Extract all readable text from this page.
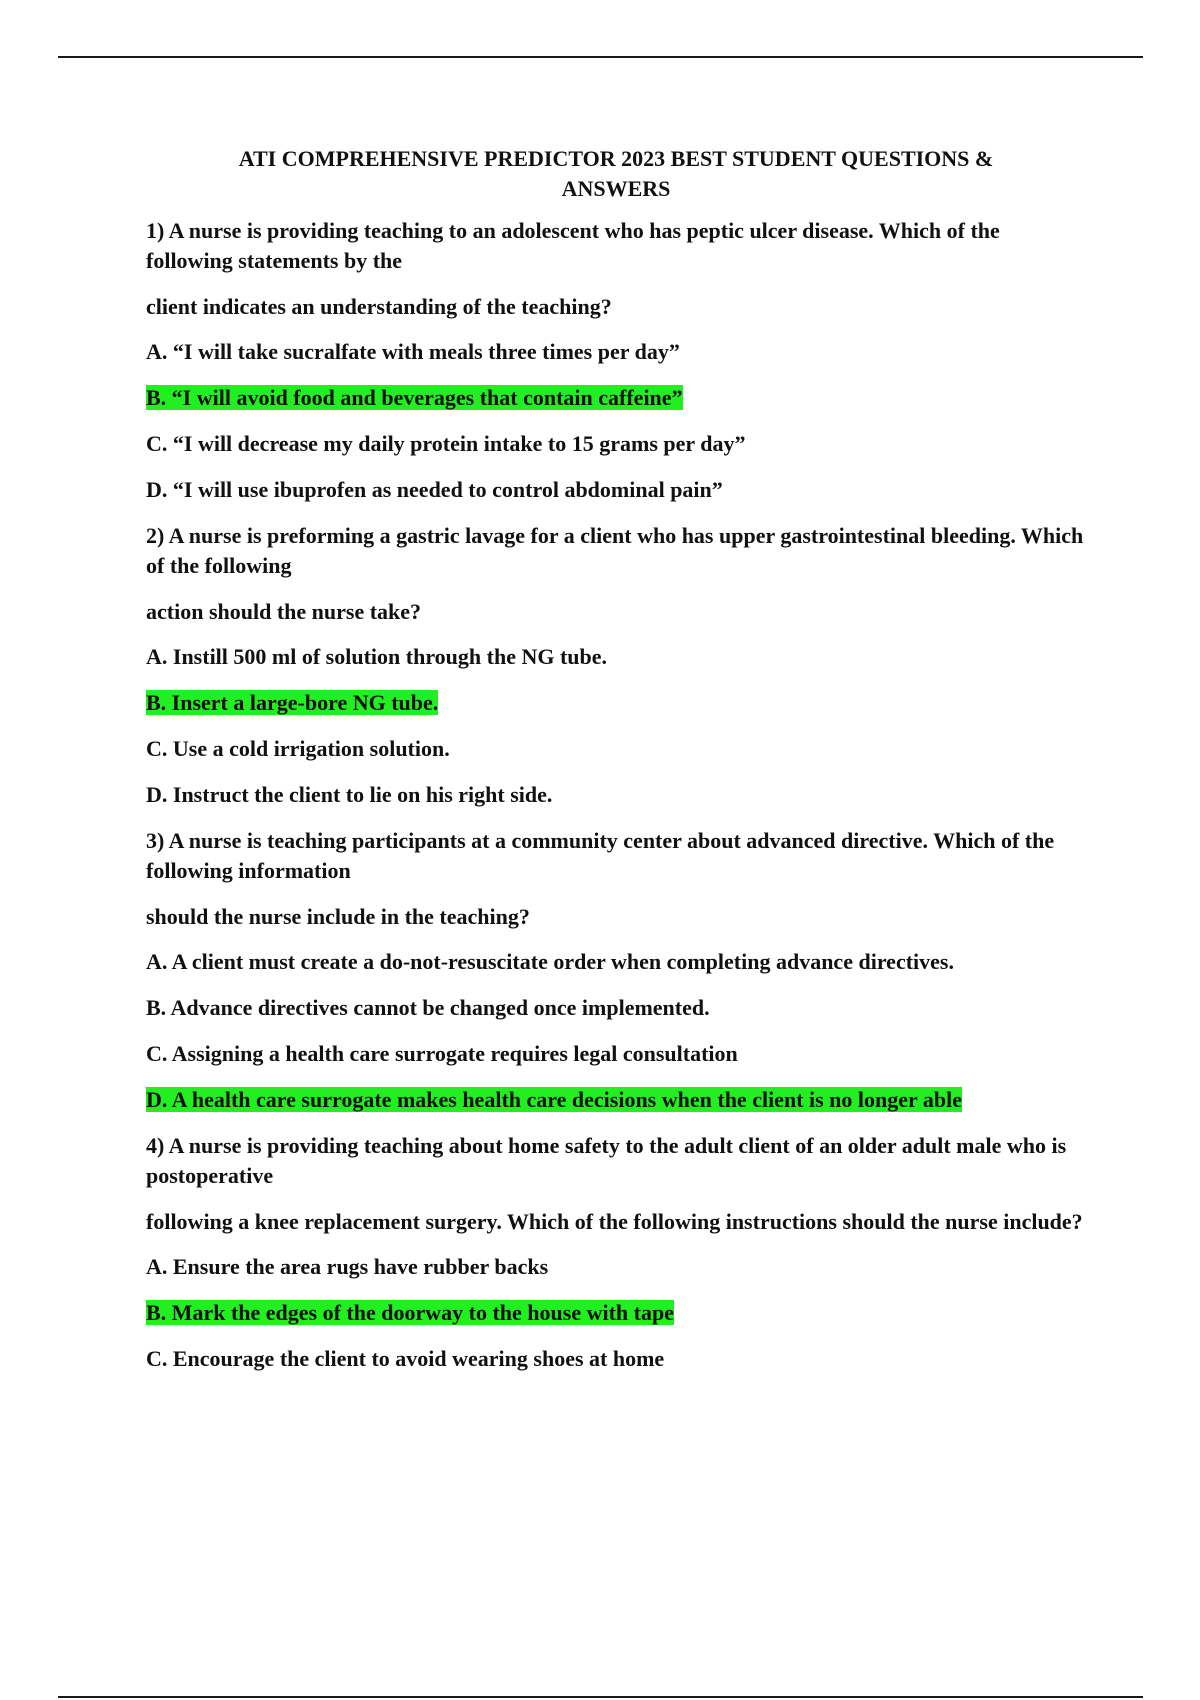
ATI COMPREHENSIVE PREDICTOR 2023 BEST STUDENT QUESTIONS &
ANSWERS
1) A nurse is providing teaching to an adolescent who has peptic ulcer disease. Which of the following statements by the
client indicates an understanding of the teaching?
A. “I will take sucralfate with meals three times per day”
B. “I will avoid food and beverages that contain caffeine”
C. “I will decrease my daily protein intake to 15 grams per day”
D. “I will use ibuprofen as needed to control abdominal pain”
2) A nurse is preforming a gastric lavage for a client who has upper gastrointestinal bleeding. Which of the following
action should the nurse take?
A. Instill 500 ml of solution through the NG tube.
B. Insert a large-bore NG tube.
C. Use a cold irrigation solution.
D. Instruct the client to lie on his right side.
3) A nurse is teaching participants at a community center about advanced directive. Which of the following information
should the nurse include in the teaching?
A. A client must create a do-not-resuscitate order when completing advance directives.
B. Advance directives cannot be changed once implemented.
C. Assigning a health care surrogate requires legal consultation
D. A health care surrogate makes health care decisions when the client is no longer able
4) A nurse is providing teaching about home safety to the adult client of an older adult male who is postoperative
following a knee replacement surgery. Which of the following instructions should the nurse include?
A. Ensure the area rugs have rubber backs
B. Mark the edges of the doorway to the house with tape
C. Encourage the client to avoid wearing shoes at home
